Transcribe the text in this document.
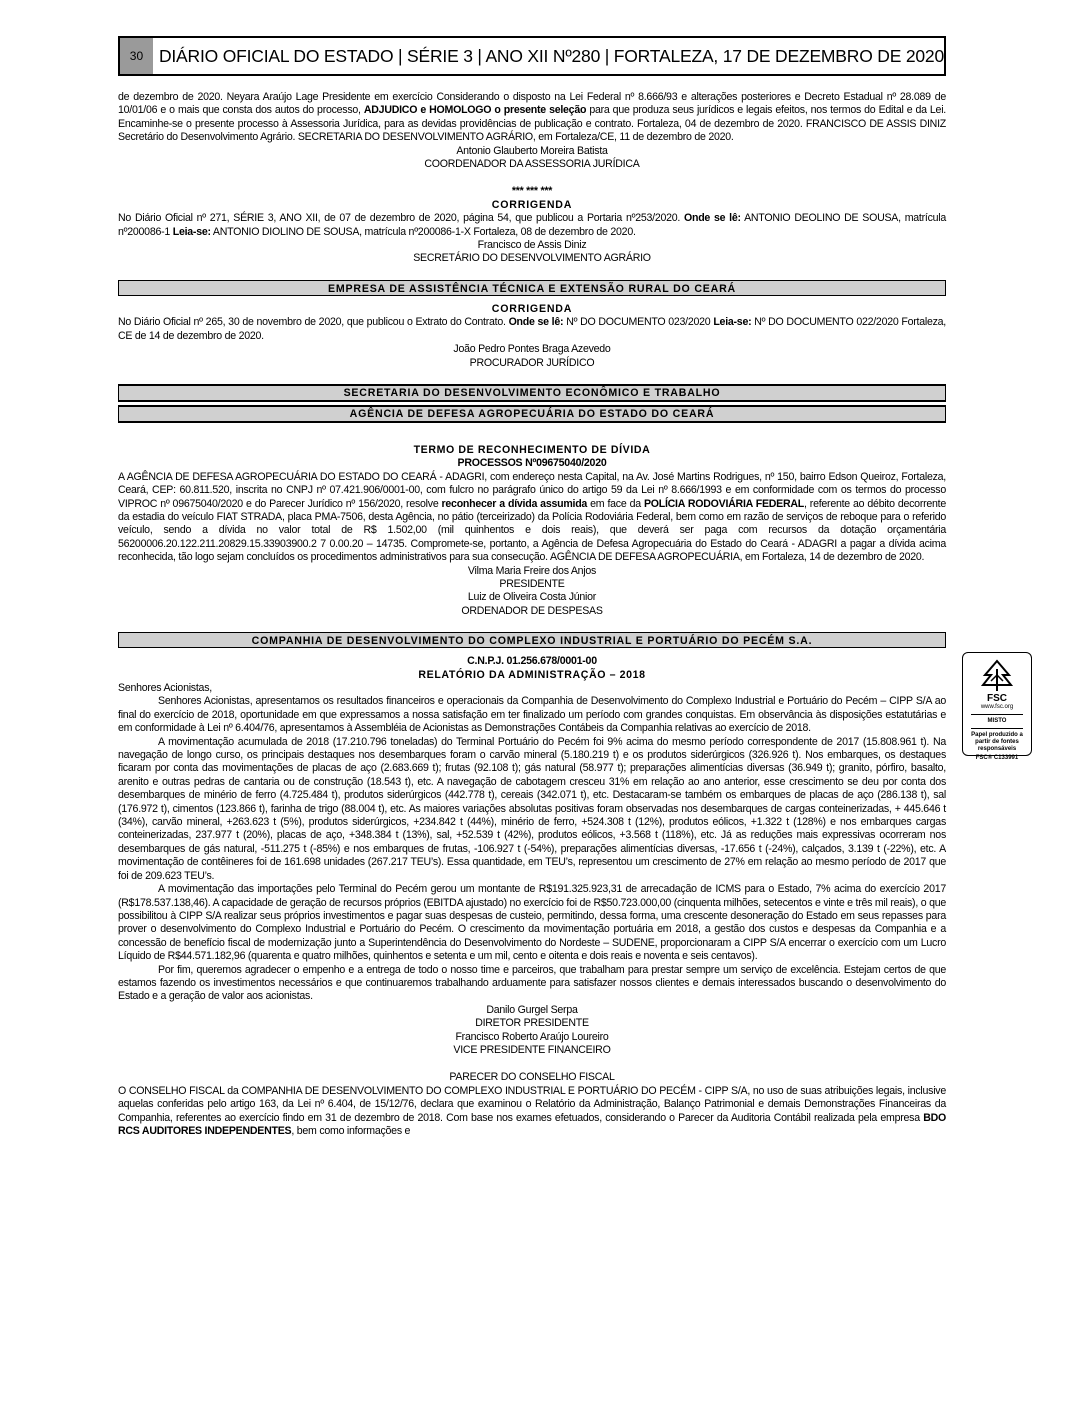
30 DIÁRIO OFICIAL DO ESTADO | SÉRIE 3 | ANO XII Nº280 | FORTALEZA, 17 DE DEZEMBRO DE 2020

de dezembro de 2020. Neyara Araújo Lage Presidente em exercício Considerando o disposto na Lei Federal nº 8.666/93 e alterações posteriores e Decreto Estadual nº 28.089 de 10/01/06 e o mais que consta dos autos do processo, ADJUDICO e HOMOLOGO o presente seleção para que produza seus jurídicos e legais efeitos, nos termos do Edital e da Lei. Encaminhe-se o presente processo à Assessoria Jurídica, para as devidas providências de publicação e contrato. Fortaleza, 04 de dezembro de 2020. FRANCISCO DE ASSIS DINIZ Secretário do Desenvolvimento Agrário. SECRETARIA DO DESENVOLVIMENTO AGRÁRIO, em Fortaleza/CE, 11 de dezembro de 2020.

Antonio Glauberto Moreira Batista

COORDENADOR DA ASSESSORIA JURÍDICA

*** *** ***

CORRIGENDA

No Diário Oficial nº 271, SÉRIE 3, ANO XII, de 07 de dezembro de 2020, página 54, que publicou a Portaria nº253/2020. Onde se lê: ANTONIO DEOLINO DE SOUSA, matrícula nº200086-1 Leia-se: ANTONIO DIOLINO DE SOUSA, matrícula nº200086-1-X Fortaleza, 08 de dezembro de 2020.

Francisco de Assis Diniz

SECRETÁRIO DO DESENVOLVIMENTO AGRÁRIO

EMPRESA DE ASSISTÊNCIA TÉCNICA E EXTENSÃO RURAL DO CEARÁ

CORRIGENDA

No Diário Oficial nº 265, 30 de novembro de 2020, que publicou o Extrato do Contrato. Onde se lê: Nº DO DOCUMENTO 023/2020 Leia-se: Nº DO DOCUMENTO 022/2020 Fortaleza, CE de 14 de dezembro de 2020.

João Pedro Pontes Braga Azevedo

PROCURADOR JURÍDICO

SECRETARIA DO DESENVOLVIMENTO ECONÔMICO E TRABALHO
AGÊNCIA DE DEFESA AGROPECUÁRIA DO ESTADO DO CEARÁ

TERMO DE RECONHECIMENTO DE DÍVIDA

PROCESSOS Nº09675040/2020

A AGÊNCIA DE DEFESA AGROPECUÁRIA DO ESTADO DO CEARÁ - ADAGRI, com endereço nesta Capital, na Av. José Martins Rodrigues, nº 150, bairro Edson Queiroz, Fortaleza, Ceará, CEP: 60.811.520, inscrita no CNPJ nº 07.421.906/0001-00, com fulcro no parágrafo único do artigo 59 da Lei nº 8.666/1993 e em conformidade com os termos do processo VIPROC nº 09675040/2020 e do Parecer Jurídico nº 156/2020, resolve reconhecer a dívida assumida em face da POLÍCIA RODOVIÁRIA FEDERAL, referente ao débito decorrente da estadia do veículo FIAT STRADA, placa PMA-7506, desta Agência, no pátio (terceirizado) da Polícia Rodoviária Federal, bem como em razão de serviços de reboque para o referido veículo, sendo a dívida no valor total de R$ 1.502,00 (mil quinhentos e dois reais), que deverá ser paga com recursos da dotação orçamentária 56200006.20.122.211.20829.15.33903900.2 7 0.00.20 – 14735. Compromete-se, portanto, a Agência de Defesa Agropecuária do Estado do Ceará - ADAGRI a pagar a dívida acima reconhecida, tão logo sejam concluídos os procedimentos administrativos para sua consecução. AGÊNCIA DE DEFESA AGROPECUÁRIA, em Fortaleza, 14 de dezembro de 2020.

Vilma Maria Freire dos Anjos

PRESIDENTE

Luiz de Oliveira Costa Júnior

ORDENADOR DE DESPESAS

COMPANHIA DE DESENVOLVIMENTO DO COMPLEXO INDUSTRIAL E PORTUÁRIO DO PECÉM S.A.

C.N.P.J. 01.256.678/0001-00

RELATÓRIO DA ADMINISTRAÇÃO – 2018

Senhores Acionistas,

Senhores Acionistas, apresentamos os resultados financeiros e operacionais da Companhia de Desenvolvimento do Complexo Industrial e Portuário do Pecém – CIPP S/A ao final do exercício de 2018, oportunidade em que expressamos a nossa satisfação em ter finalizado um período com grandes conquistas. Em observância às disposições estatutárias e em conformidade à Lei nº 6.404/76, apresentamos à Assembléia de Acionistas as Demonstrações Contábeis da Companhia relativas ao exercício de 2018.

A movimentação acumulada de 2018 (17.210.796 toneladas) do Terminal Portuário do Pecém foi 9% acima do mesmo período correspondente de 2017 (15.808.961 t). Na navegação de longo curso, os principais destaques nos desembarques foram o carvão mineral (5.180.219 t) e os produtos siderúrgicos (326.926 t). Nos embarques, os destaques ficaram por conta das movimentações de placas de aço (2.683.669 t); frutas (92.108 t); gás natural (58.977 t); preparações alimentícias diversas (36.949 t); granito, pórfiro, basalto, arenito e outras pedras de cantaria ou de construção (18.543 t), etc. A navegação de cabotagem cresceu 31% em relação ao ano anterior, esse crescimento se deu por conta dos desembarques de minério de ferro (4.725.484 t), produtos siderúrgicos (442.778 t), cereais (342.071 t), etc. Destacaram-se também os embarques de placas de aço (286.138 t), sal (176.972 t), cimentos (123.866 t), farinha de trigo (88.004 t), etc. As maiores variações absolutas positivas foram observadas nos desembarques de cargas conteinerizadas, + 445.646 t (34%), carvão mineral, +263.623 t (5%), produtos siderúrgicos, +234.842 t (44%), minério de ferro, +524.308 t (12%), produtos eólicos, +1.322 t (128%) e nos embarques cargas conteinerizadas, 237.977 t (20%), placas de aço, +348.384 t (13%), sal, +52.539 t (42%), produtos eólicos, +3.568 t (118%), etc. Já as reduções mais expressivas ocorreram nos desembarques de gás natural, -511.275 t (-85%) e nos embarques de frutas, -106.927 t (-54%), preparações alimentícias diversas, -17.656 t (-24%), calçados, 3.139 t (-22%), etc. A movimentação de contêineres foi de 161.698 unidades (267.217 TEU’s). Essa quantidade, em TEU’s, representou um crescimento de 27% em relação ao mesmo período de 2017 que foi de 209.623 TEU’s.

A movimentação das importações pelo Terminal do Pecém gerou um montante de R$191.325.923,31 de arrecadação de ICMS para o Estado, 7% acima do exercício 2017 (R$178.537.138,46). A capacidade de geração de recursos próprios (EBITDA ajustado) no exercício foi de R$50.723.000,00 (cinquenta milhões, setecentos e vinte e três mil reais), o que possibilitou à CIPP S/A realizar seus próprios investimentos e pagar suas despesas de custeio, permitindo, dessa forma, uma crescente desoneração do Estado em seus repasses para prover o desenvolvimento do Complexo Industrial e Portuário do Pecém. O crescimento da movimentação portuária em 2018, a gestão dos custos e despesas da Companhia e a concessão de benefício fiscal de modernização junto a Superintendência do Desenvolvimento do Nordeste – SUDENE, proporcionaram a CIPP S/A encerrar o exercício com um Lucro Líquido de R$44.571.182,96 (quarenta e quatro milhões, quinhentos e setenta e um mil, cento e oitenta e dois reais e noventa e seis centavos).

Por fim, queremos agradecer o empenho e a entrega de todo o nosso time e parceiros, que trabalham para prestar sempre um serviço de excelência. Estejam certos de que estamos fazendo os investimentos necessários e que continuaremos trabalhando arduamente para satisfazer nossos clientes e demais interessados buscando o desenvolvimento do Estado e a geração de valor aos acionistas.

Danilo Gurgel Serpa

DIRETOR PRESIDENTE

Francisco Roberto Araújo Loureiro

VICE PRESIDENTE FINANCEIRO

PARECER DO CONSELHO FISCAL

O CONSELHO FISCAL da COMPANHIA DE DESENVOLVIMENTO DO COMPLEXO INDUSTRIAL E PORTUÁRIO DO PECÉM - CIPP S/A, no uso de suas atribuições legais, inclusive aquelas conferidas pelo artigo 163, da Lei nº 6.404, de 15/12/76, declara que examinou o Relatório da Administração, Balanço Patrimonial e demais Demonstrações Financeiras da Companhia, referentes ao exercício findo em 31 de dezembro de 2018. Com base nos exames efetuados, considerando o Parecer da Auditoria Contábil realizada pela empresa BDO RCS AUDITORES INDEPENDENTES, bem como informações e

FSC
www.fsc.org
MISTO
Papel produzido a partir de fontes responsáveis
FSC® C133991
